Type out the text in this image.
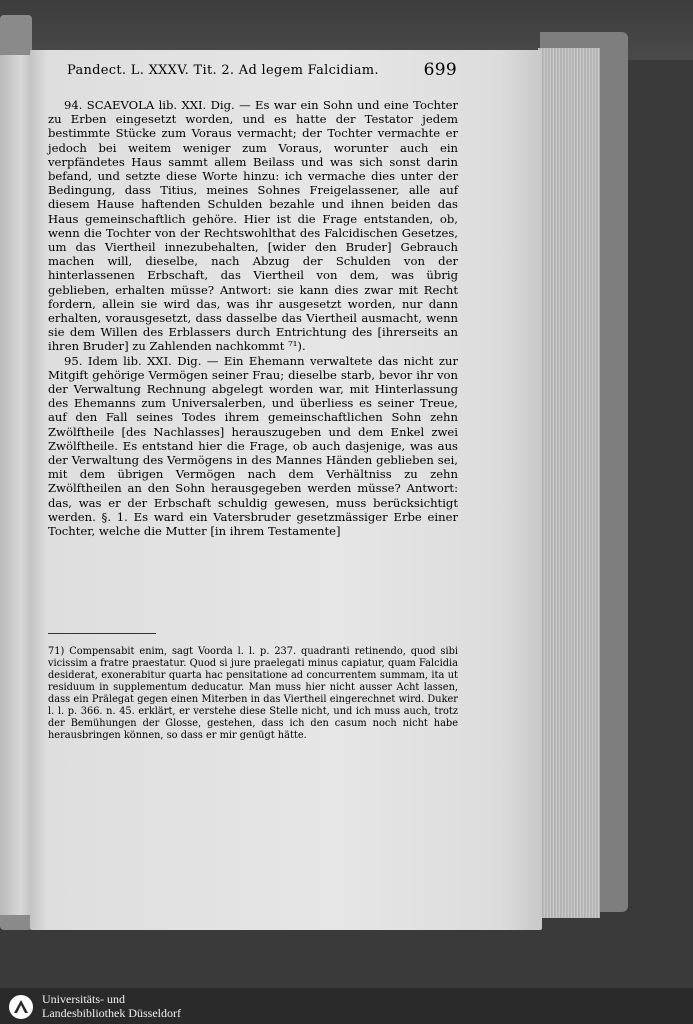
Pandect. L. XXXV. Tit. 2. Ad legem Falcidiam.	699

94. SCAEVOLA lib. XXI. Dig. — Es war ein Sohn und eine Tochter zu Erben eingesetzt worden, und es hatte der Testator jedem bestimmte Stücke zum Voraus vermacht; der Tochter vermachte er jedoch bei weitem weniger zum Voraus, worunter auch ein verpfändetes Haus sammt allem Beilass und was sich sonst darin befand, und setzte diese Worte hinzu: ich vermache dies unter der Bedingung, dass Titius, meines Sohnes Freigelassener, alle auf diesem Hause haftenden Schulden bezahle und ihnen beiden das Haus gemeinschaftlich gehöre. Hier ist die Frage entstanden, ob, wenn die Tochter von der Rechtswohlthat des Falcidischen Gesetzes, um das Viertheil innezubehalten, [wider den Bruder] Gebrauch machen will, dieselbe, nach Abzug der Schulden von der hinterlassenen Erbschaft, das Viertheil von dem, was übrig geblieben, erhalten müsse? Antwort: sie kann dies zwar mit Recht fordern, allein sie wird das, was ihr ausgesetzt worden, nur dann erhalten, vorausgesetzt, dass dasselbe das Viertheil ausmacht, wenn sie dem Willen des Erblassers durch Entrichtung des [ihrerseits an ihren Bruder] zu Zahlenden nachkommt ⁷¹).

95. Idem lib. XXI. Dig. — Ein Ehemann verwaltete das nicht zur Mitgift gehörige Vermögen seiner Frau; dieselbe starb, bevor ihr von der Verwaltung Rechnung abgelegt worden war, mit Hinterlassung des Ehemanns zum Universalerben, und überliess es seiner Treue, auf den Fall seines Todes ihrem gemeinschaftlichen Sohn zehn Zwölftheile [des Nachlasses] herauszugeben und dem Enkel zwei Zwölftheile. Es entstand hier die Frage, ob auch dasjenige, was aus der Verwaltung des Vermögens in des Mannes Händen geblieben sei, mit dem übrigen Vermögen nach dem Verhältniss zu zehn Zwölftheilen an den Sohn herausgegeben werden müsse? Antwort: das, was er der Erbschaft schuldig gewesen, muss berücksichtigt werden. §. 1. Es ward ein Vatersbruder gesetzmässiger Erbe einer Tochter, welche die Mutter [in ihrem Testamente]

71) Compensabit enim, sagt Voorda l. l. p. 237. quadranti retinendo, quod sibi vicissim a fratre praestatur. Quod si jure praelegati minus capiatur, quam Falcidia desiderat, exonerabitur quarta hac pensitatione ad concurrentem summam, ita ut residuum in supplementum deducatur. Man muss hier nicht ausser Acht lassen, dass ein Prälegat gegen einen Miterben in das Viertheil eingerechnet wird. Duker l. l. p. 366. n. 45. erklärt, er verstehe diese Stelle nicht, und ich muss auch, trotz der Bemühungen der Glosse, gestehen, dass ich den casum noch nicht habe herausbringen können, so dass er mir genügt hätte.
Universitäts- und
Landesbibliothek Düsseldorf
